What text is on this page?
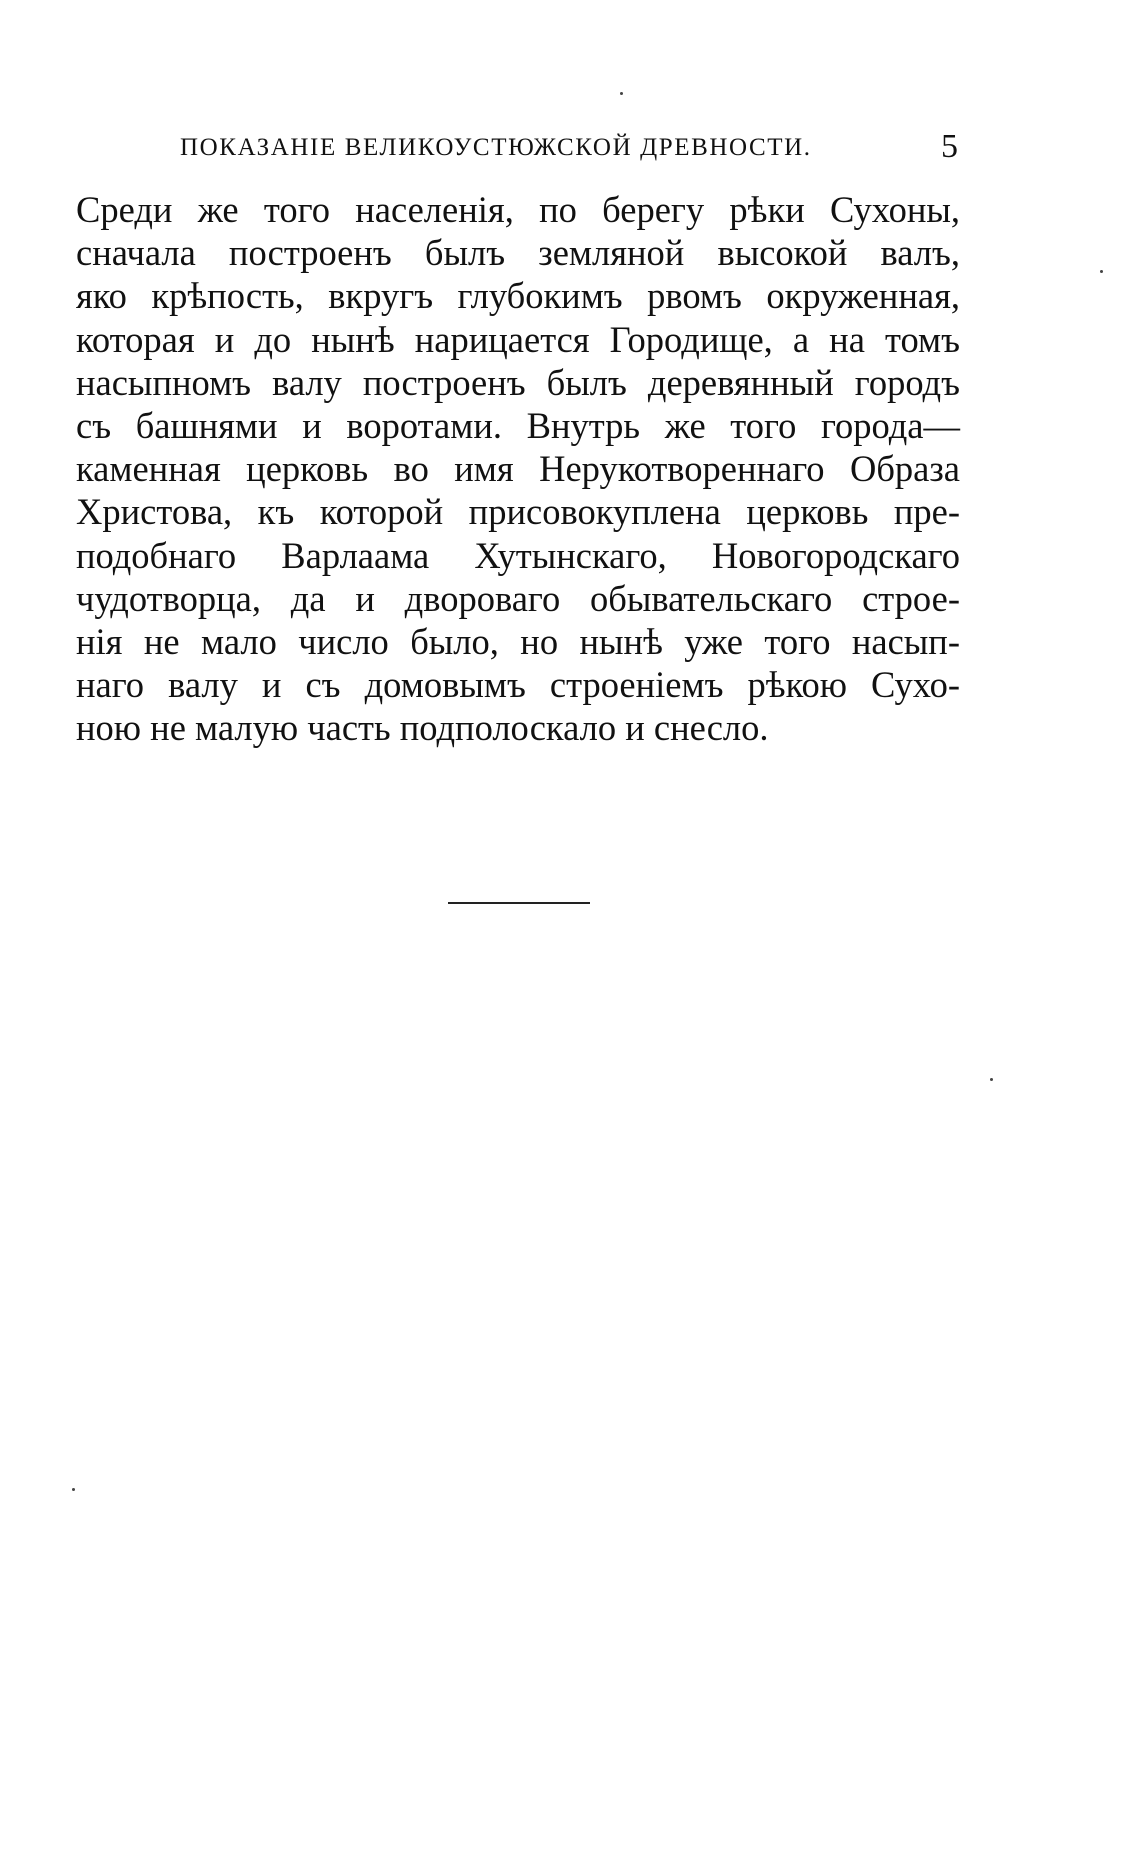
ПОКАЗАНІЕ ВЕЛИКОУСТЮЖСКОЙ ДРЕВНОСТИ.	5
Среди же того населенія, по берегу рѣки Сухоны,
сначала построенъ былъ земляной высокой валъ,
яко крѣпость, вкругъ глубокимъ рвомъ окруженная,
которая и до нынѣ нарицается Городище, а на томъ
насыпномъ валу построенъ былъ деревянный городъ
съ башнями и воротами. Внутрь же того города—
каменная церковь во имя Нерукотвореннаго Образа
Христова, къ которой присовокуплена церковь пре-
подобнаго Варлаама Хутынскаго, Новогородскаго
чудотворца, да и двороваго обывательскаго строе-
нія не мало число было, но нынѣ уже того насып-
наго валу и съ домовымъ строеніемъ рѣкою Сухо-
ною не малую часть подполоскало и снесло.
